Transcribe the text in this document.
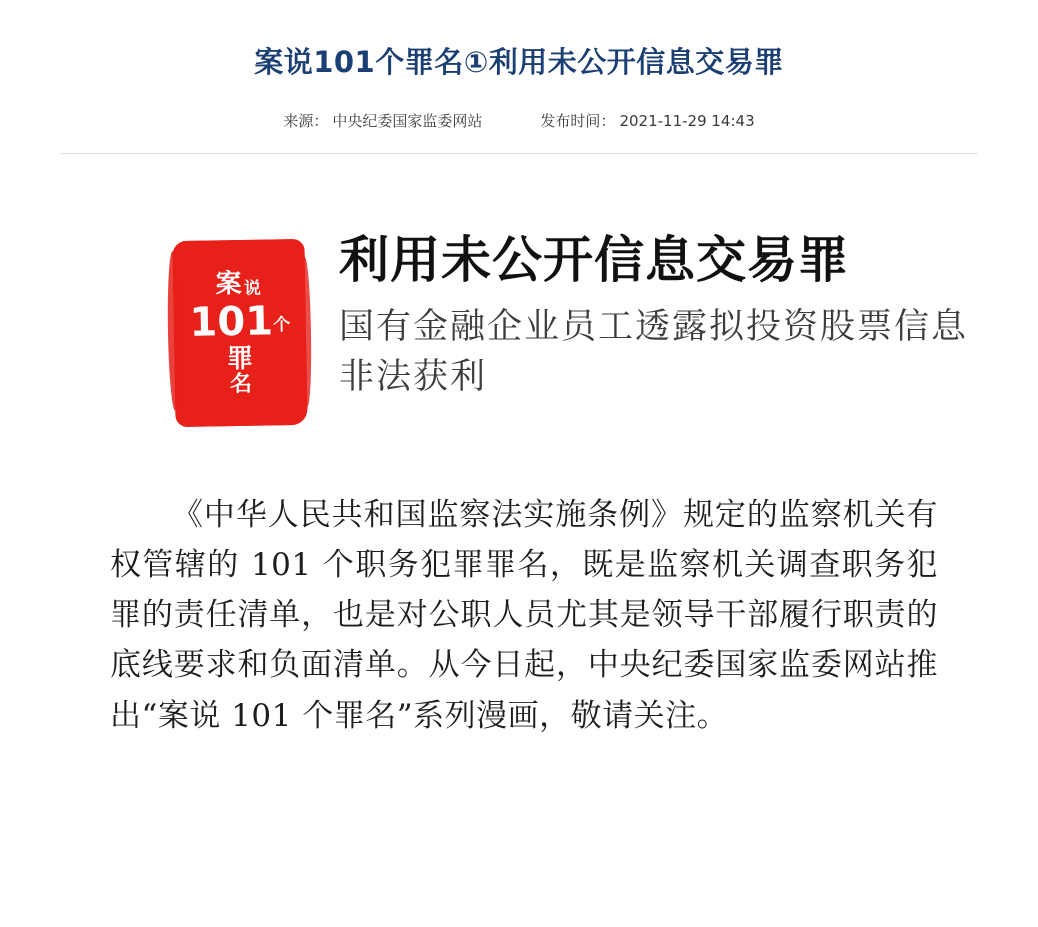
案说101个罪名①利用未公开信息交易罪
来源： 中央纪委国家监委网站	发布时间： 2021-11-29 14:43
案说
101个
罪
名
利用未公开信息交易罪
国有金融企业员工透露拟投资股票信息非法获利

《中华人民共和国监察法实施条例》规定的监察机关有权管辖的 101 个职务犯罪罪名，既是监察机关调查职务犯罪的责任清单，也是对公职人员尤其是领导干部履行职责的底线要求和负面清单。从今日起，中央纪委国家监委网站推出“案说 101 个罪名”系列漫画，敬请关注。
